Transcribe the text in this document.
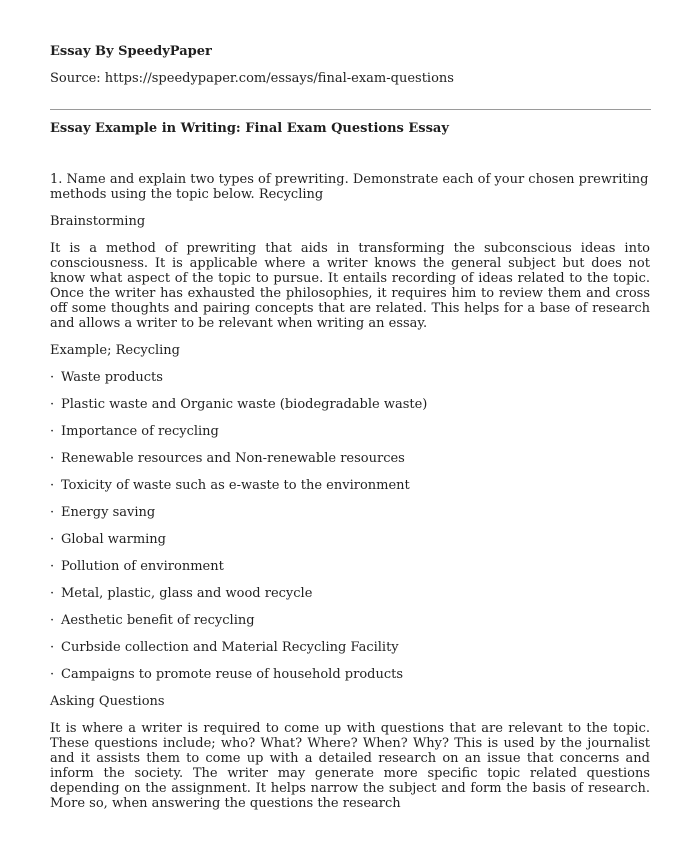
Essay By SpeedyPaper

Source: https://speedypaper.com/essays/final-exam-questions

Essay Example in Writing: Final Exam Questions Essay

1. Name and explain two types of prewriting. Demonstrate each of your chosen prewriting methods using the topic below. Recycling

Brainstorming

It is a method of prewriting that aids in transforming the subconscious ideas into consciousness. It is applicable where a writer knows the general subject but does not know what aspect of the topic to pursue. It entails recording of ideas related to the topic. Once the writer has exhausted the philosophies, it requires him to review them and cross off some thoughts and pairing concepts that are related. This helps for a base of research and allows a writer to be relevant when writing an essay.

Example; Recycling

· Waste products
· Plastic waste and Organic waste (biodegradable waste)
· Importance of recycling
· Renewable resources and Non-renewable resources
· Toxicity of waste such as e-waste to the environment
· Energy saving
· Global warming
· Pollution of environment
· Metal, plastic, glass and wood recycle
· Aesthetic benefit of recycling
· Curbside collection and Material Recycling Facility
· Campaigns to promote reuse of household products

Asking Questions

It is where a writer is required to come up with questions that are relevant to the topic. These questions include; who? What? Where? When? Why? This is used by the journalist and it assists them to come up with a detailed research on an issue that concerns and inform the society. The writer may generate more specific topic related questions depending on the assignment. It helps narrow the subject and form the basis of research. More so, when answering the questions the research
